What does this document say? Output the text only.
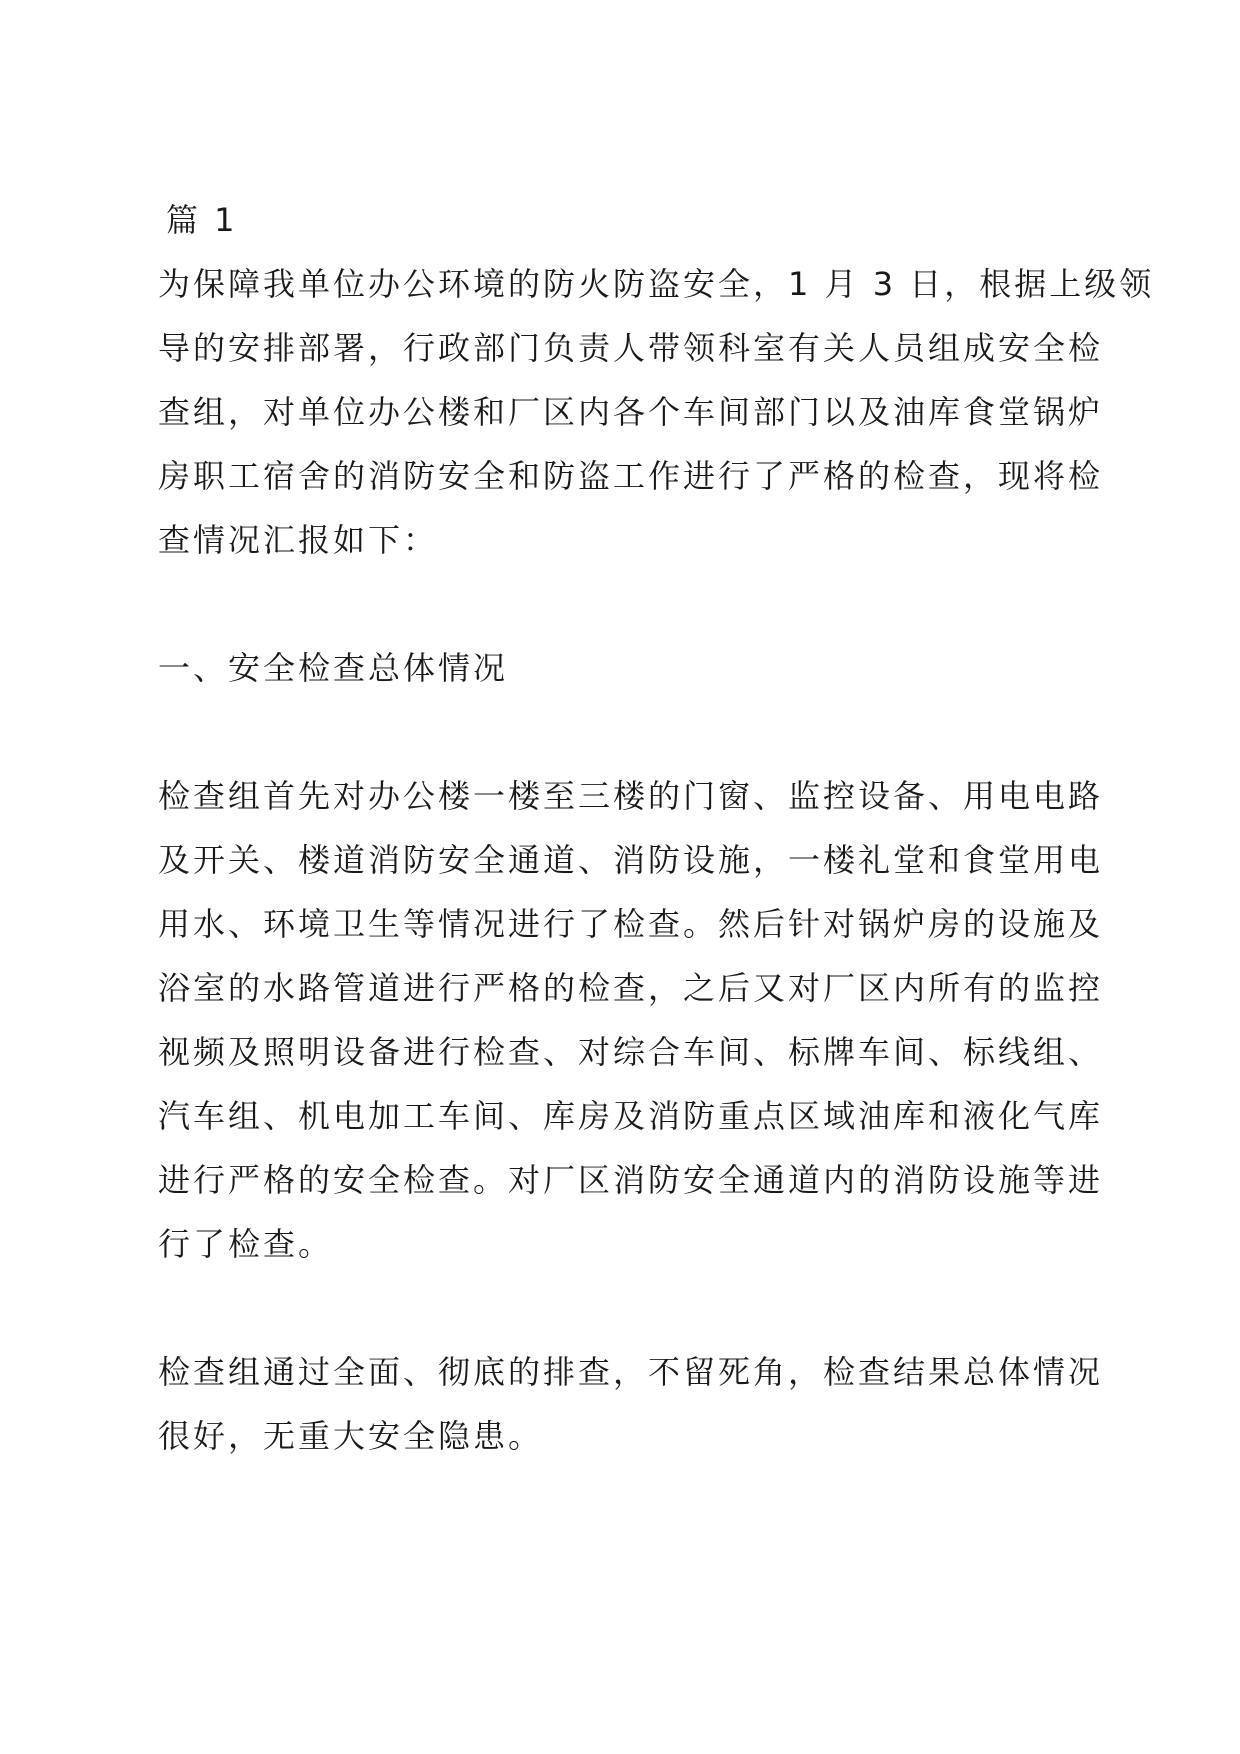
篇 1

为保障我单位办公环境的防火防盗安全，1 月 3 日，根据上级领
导的安排部署，行政部门负责人带领科室有关人员组成安全检
查组，对单位办公楼和厂区内各个车间部门以及油库食堂锅炉
房职工宿舍的消防安全和防盗工作进行了严格的检查，现将检
查情况汇报如下：

一、安全检查总体情况

检查组首先对办公楼一楼至三楼的门窗、监控设备、用电电路
及开关、楼道消防安全通道、消防设施，一楼礼堂和食堂用电
用水、环境卫生等情况进行了检查。然后针对锅炉房的设施及
浴室的水路管道进行严格的检查，之后又对厂区内所有的监控
视频及照明设备进行检查、对综合车间、标牌车间、标线组、
汽车组、机电加工车间、库房及消防重点区域油库和液化气库
进行严格的安全检查。对厂区消防安全通道内的消防设施等进
行了检查。

检查组通过全面、彻底的排查，不留死角，检查结果总体情况
很好，无重大安全隐患。
